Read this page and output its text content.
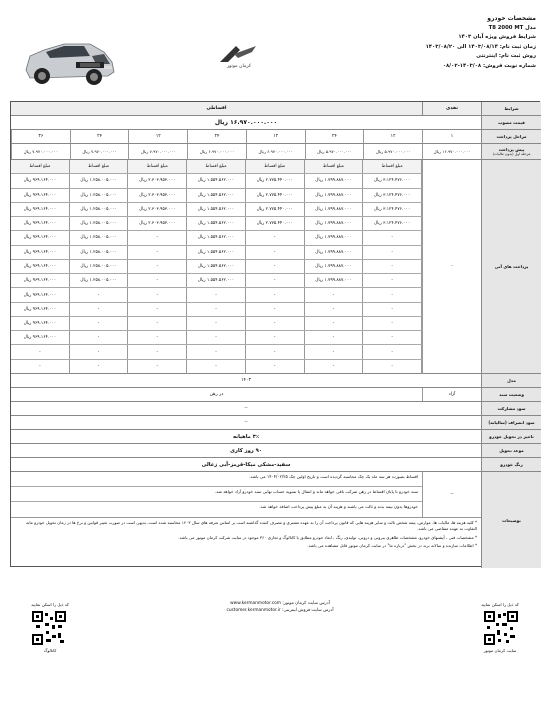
کرمان موتور
مشخصات خودرو
مدل T8 2000 MT
شرایط فروش ویژه آبان ۱۴۰۳
زمان ثبت نام: ۱۴۰۳/۰۸/۱۴ الی ۱۴۰۳/۰۸/۲۰
روش ثبت نام: اینترنتی
شماره نوبت فروش: ۱۴۰۳/۰۸-۰۸/۰۲
شرایط
نقدی
اقساطی
قیمت مصوب
۱۶.۹۷۰.۰۰۰.۰۰۰ ریال
مراحل پرداخت
۱
۱۲
۲۴
۱۲
۲۴
۱۲
۲۴
۳۶
پیش پرداخت
مرحله اول (بدون مالیات)
۱۶.۹۷۰.۰۰۰.۰۰۰ ریال
۵.۹۷۰.۰۰۰.۰۰۰ ریال
۵.۹۷۰.۰۰۰.۰۰۰ ریال
۶.۹۷۰.۰۰۰.۰۰۰ ریال
۶.۹۷۰.۰۰۰.۰۰۰ ریال
۷.۹۷۰.۰۰۰.۰۰۰ ریال
۷.۹۷۰.۰۰۰.۰۰۰ ریال
۷.۹۷۰.۰۰۰.۰۰۰ ریال
پرداخت های آتی
-
مبلغ اقساط
مبلغ اقساط
مبلغ اقساط
مبلغ اقساط
مبلغ اقساط
مبلغ اقساط
مبلغ اقساط
۳.۱۲۴.۴۷۶.۰۰۰ ریال
۱.۷۹۹.۸۸۷.۰۰۰ ریال
۲.۷۷۵.۴۴۰.۰۰۰ ریال
۱.۵۵۴.۵۶۲.۰۰۰ ریال
۲.۳۰۳.۹۵۳.۰۰۰ ریال
۱.۲۵۸.۰۰۵.۰۰۰ ریال
۹۶۹.۱۶۴.۰۰۰ ریال
۳.۱۲۴.۴۷۶.۰۰۰ ریال
۱.۷۹۹.۸۸۷.۰۰۰ ریال
۲.۷۷۵.۴۴۰.۰۰۰ ریال
۱.۵۵۴.۵۶۲.۰۰۰ ریال
۲.۳۰۳.۹۵۳.۰۰۰ ریال
۱.۲۵۸.۰۰۵.۰۰۰ ریال
۹۶۹.۱۶۴.۰۰۰ ریال
۳.۱۲۴.۴۷۶.۰۰۰ ریال
۱.۷۹۹.۸۸۷.۰۰۰ ریال
۲.۷۷۵.۴۴۰.۰۰۰ ریال
۱.۵۵۴.۵۶۲.۰۰۰ ریال
۲.۳۰۳.۹۵۳.۰۰۰ ریال
۱.۲۵۸.۰۰۵.۰۰۰ ریال
۹۶۹.۱۶۴.۰۰۰ ریال
۳.۱۲۴.۴۷۶.۰۰۰ ریال
۱.۷۹۹.۸۸۷.۰۰۰ ریال
۲.۷۷۵.۴۴۰.۰۰۰ ریال
۱.۵۵۴.۵۶۲.۰۰۰ ریال
۲.۳۰۳.۹۵۳.۰۰۰ ریال
۱.۲۵۸.۰۰۵.۰۰۰ ریال
۹۶۹.۱۶۴.۰۰۰ ریال
-
۱.۷۹۹.۸۸۷.۰۰۰ ریال
-
۱.۵۵۴.۵۶۲.۰۰۰ ریال
-
۱.۲۵۸.۰۰۵.۰۰۰ ریال
۹۶۹.۱۶۴.۰۰۰ ریال
-
۱.۷۹۹.۸۸۷.۰۰۰ ریال
-
۱.۵۵۴.۵۶۲.۰۰۰ ریال
-
۱.۲۵۸.۰۰۵.۰۰۰ ریال
۹۶۹.۱۶۴.۰۰۰ ریال
-
۱.۷۹۹.۸۸۷.۰۰۰ ریال
-
۱.۵۵۴.۵۶۲.۰۰۰ ریال
-
۱.۲۵۸.۰۰۵.۰۰۰ ریال
۹۶۹.۱۶۴.۰۰۰ ریال
-
۱.۷۹۹.۸۸۷.۰۰۰ ریال
-
۱.۵۵۴.۵۶۲.۰۰۰ ریال
-
۱.۲۵۸.۰۰۵.۰۰۰ ریال
۹۶۹.۱۶۴.۰۰۰ ریال
-
-
-
-
-
-
۹۶۹.۱۶۴.۰۰۰ ریال
-
-
-
-
-
-
۹۶۹.۱۶۴.۰۰۰ ریال
-
-
-
-
-
-
۹۶۹.۱۶۴.۰۰۰ ریال
-
-
-
-
-
-
۹۶۹.۱۶۴.۰۰۰ ریال
-
-
-
-
-
-
-
-
-
-
-
-
-
-
مدل
۱۴۰۳
وضعیت سند
آزاد
در رهن
سود مشارکت
--
سود انصراف (سالیانه)
--
تاخیر در تحویل خودرو
۳٪ ماهیانه
موعد تحویل
۹۰ روز کاری
رنگ خودرو
سفید-مشکی میکا-قرمز-آبی زغالی
توضیحات
--
اقساط بصورت هر سه ماه یک چک محاسبه گردیده است و تاریخ اولین چک ۱۴۰۴/۰۲/۲۵ می باشد.
سند خودرو تا پایان اقساط در رهن شرکت باقی خواهد ماند و انتقال یا تسویه حساب نهایی سند خودرو آزاد خواهد شد.
خودروها بدون بیمه بدنه و ثالث می باشند و هزینه آن به مبلغ پیش پرداخت اضافه خواهد شد.
* کلیه هزینه ها، مالیات ها، عوارض، بیمه شخص ثالث و سایر هزینه هایی که قانون پرداخت آن را به عهده مشتری و مصرف کننده گذاشته است بر اساس تعرفه های سال ۱۴۰۳ محاسبه شده است، بدیهی است در صورت تغییر قوانین و نرخ ها در زمان تحویل خودرو مابه التفاوت به عهده متقاضی می باشد.
* مشخصات فنی ، آپشنهای خودرو، مشخصات ظاهری بیرونی و درونی، تولیدی، رنگ ، ابعاد خودرو مطابق با کاتالوگ و تجاری ۳۶۰ موجود در سایت شرکت کرمان موتور می باشد.
* اطلاعات سازنده و سالانه برند در بخش "درباره ما" در سایت کرمان موتور قابل مشاهده می باشد.
کد ذیل را اسکن نمایید
کاتالوگ
آدرس سایت کرمان موتور: www.kermanmotor.com
آدرس سایت فروش اینترنتی: customer.kermanmotor.ir
کد ذیل را اسکن نمایید
سایت کرمان موتور
